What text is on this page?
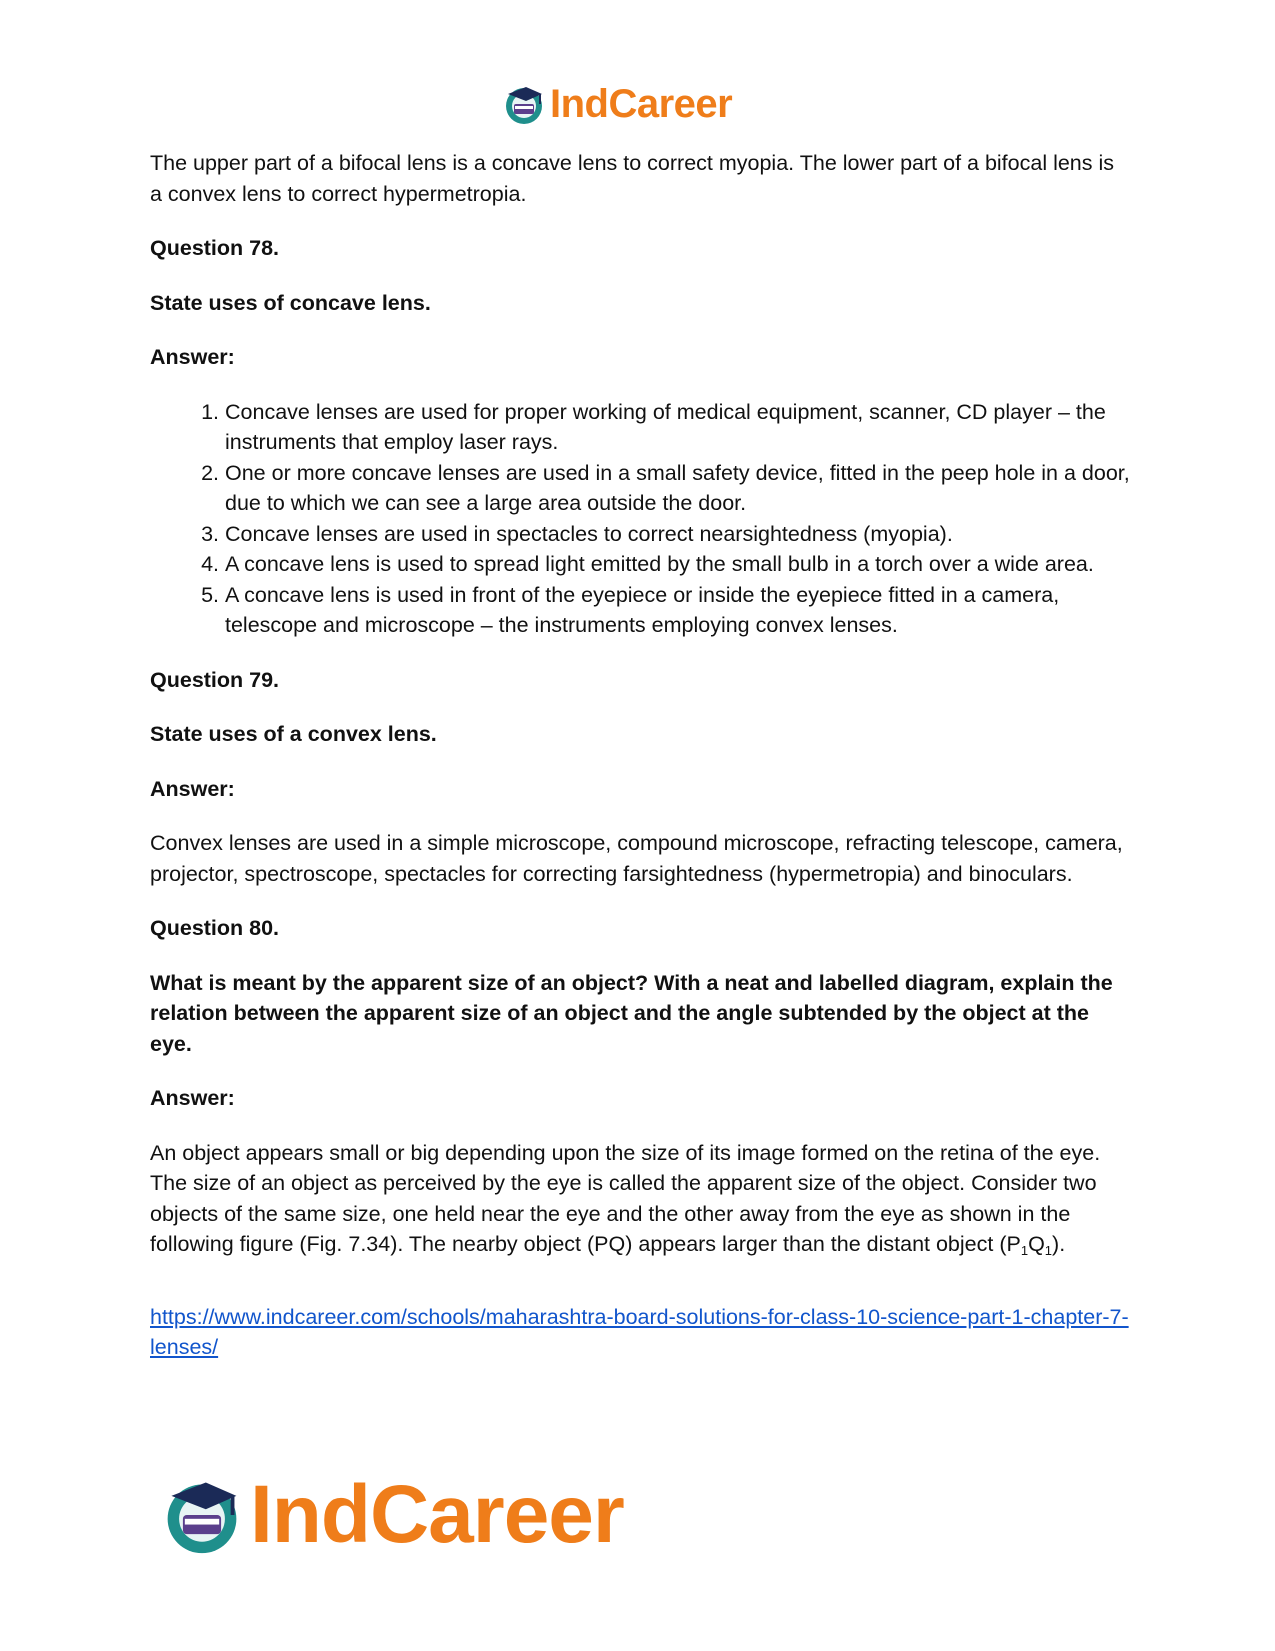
IndCareer

The upper part of a bifocal lens is a concave lens to correct myopia. The lower part of a bifocal lens is a convex lens to correct hypermetropia.

Question 78.

State uses of concave lens.

Answer:

1. Concave lenses are used for proper working of medical equipment, scanner, CD player – the instruments that employ laser rays.
2. One or more concave lenses are used in a small safety device, fitted in the peep hole in a door, due to which we can see a large area outside the door.
3. Concave lenses are used in spectacles to correct nearsightedness (myopia).
4. A concave lens is used to spread light emitted by the small bulb in a torch over a wide area.
5. A concave lens is used in front of the eyepiece or inside the eyepiece fitted in a camera, telescope and microscope – the instruments employing convex lenses.

Question 79.

State uses of a convex lens.

Answer:

Convex lenses are used in a simple microscope, compound microscope, refracting telescope, camera, projector, spectroscope, spectacles for correcting farsightedness (hypermetropia) and binoculars.

Question 80.

What is meant by the apparent size of an object? With a neat and labelled diagram, explain the relation between the apparent size of an object and the angle subtended by the object at the eye.

Answer:

An object appears small or big depending upon the size of its image formed on the retina of the eye. The size of an object as perceived by the eye is called the apparent size of the object. Consider two objects of the same size, one held near the eye and the other away from the eye as shown in the following figure (Fig. 7.34). The nearby object (PQ) appears larger than the distant object $(P_1Q_1)$.

https://www.indcareer.com/schools/maharashtra-board-solutions-for-class-10-science-part-1-chapter-7-lenses/
IndCareer
